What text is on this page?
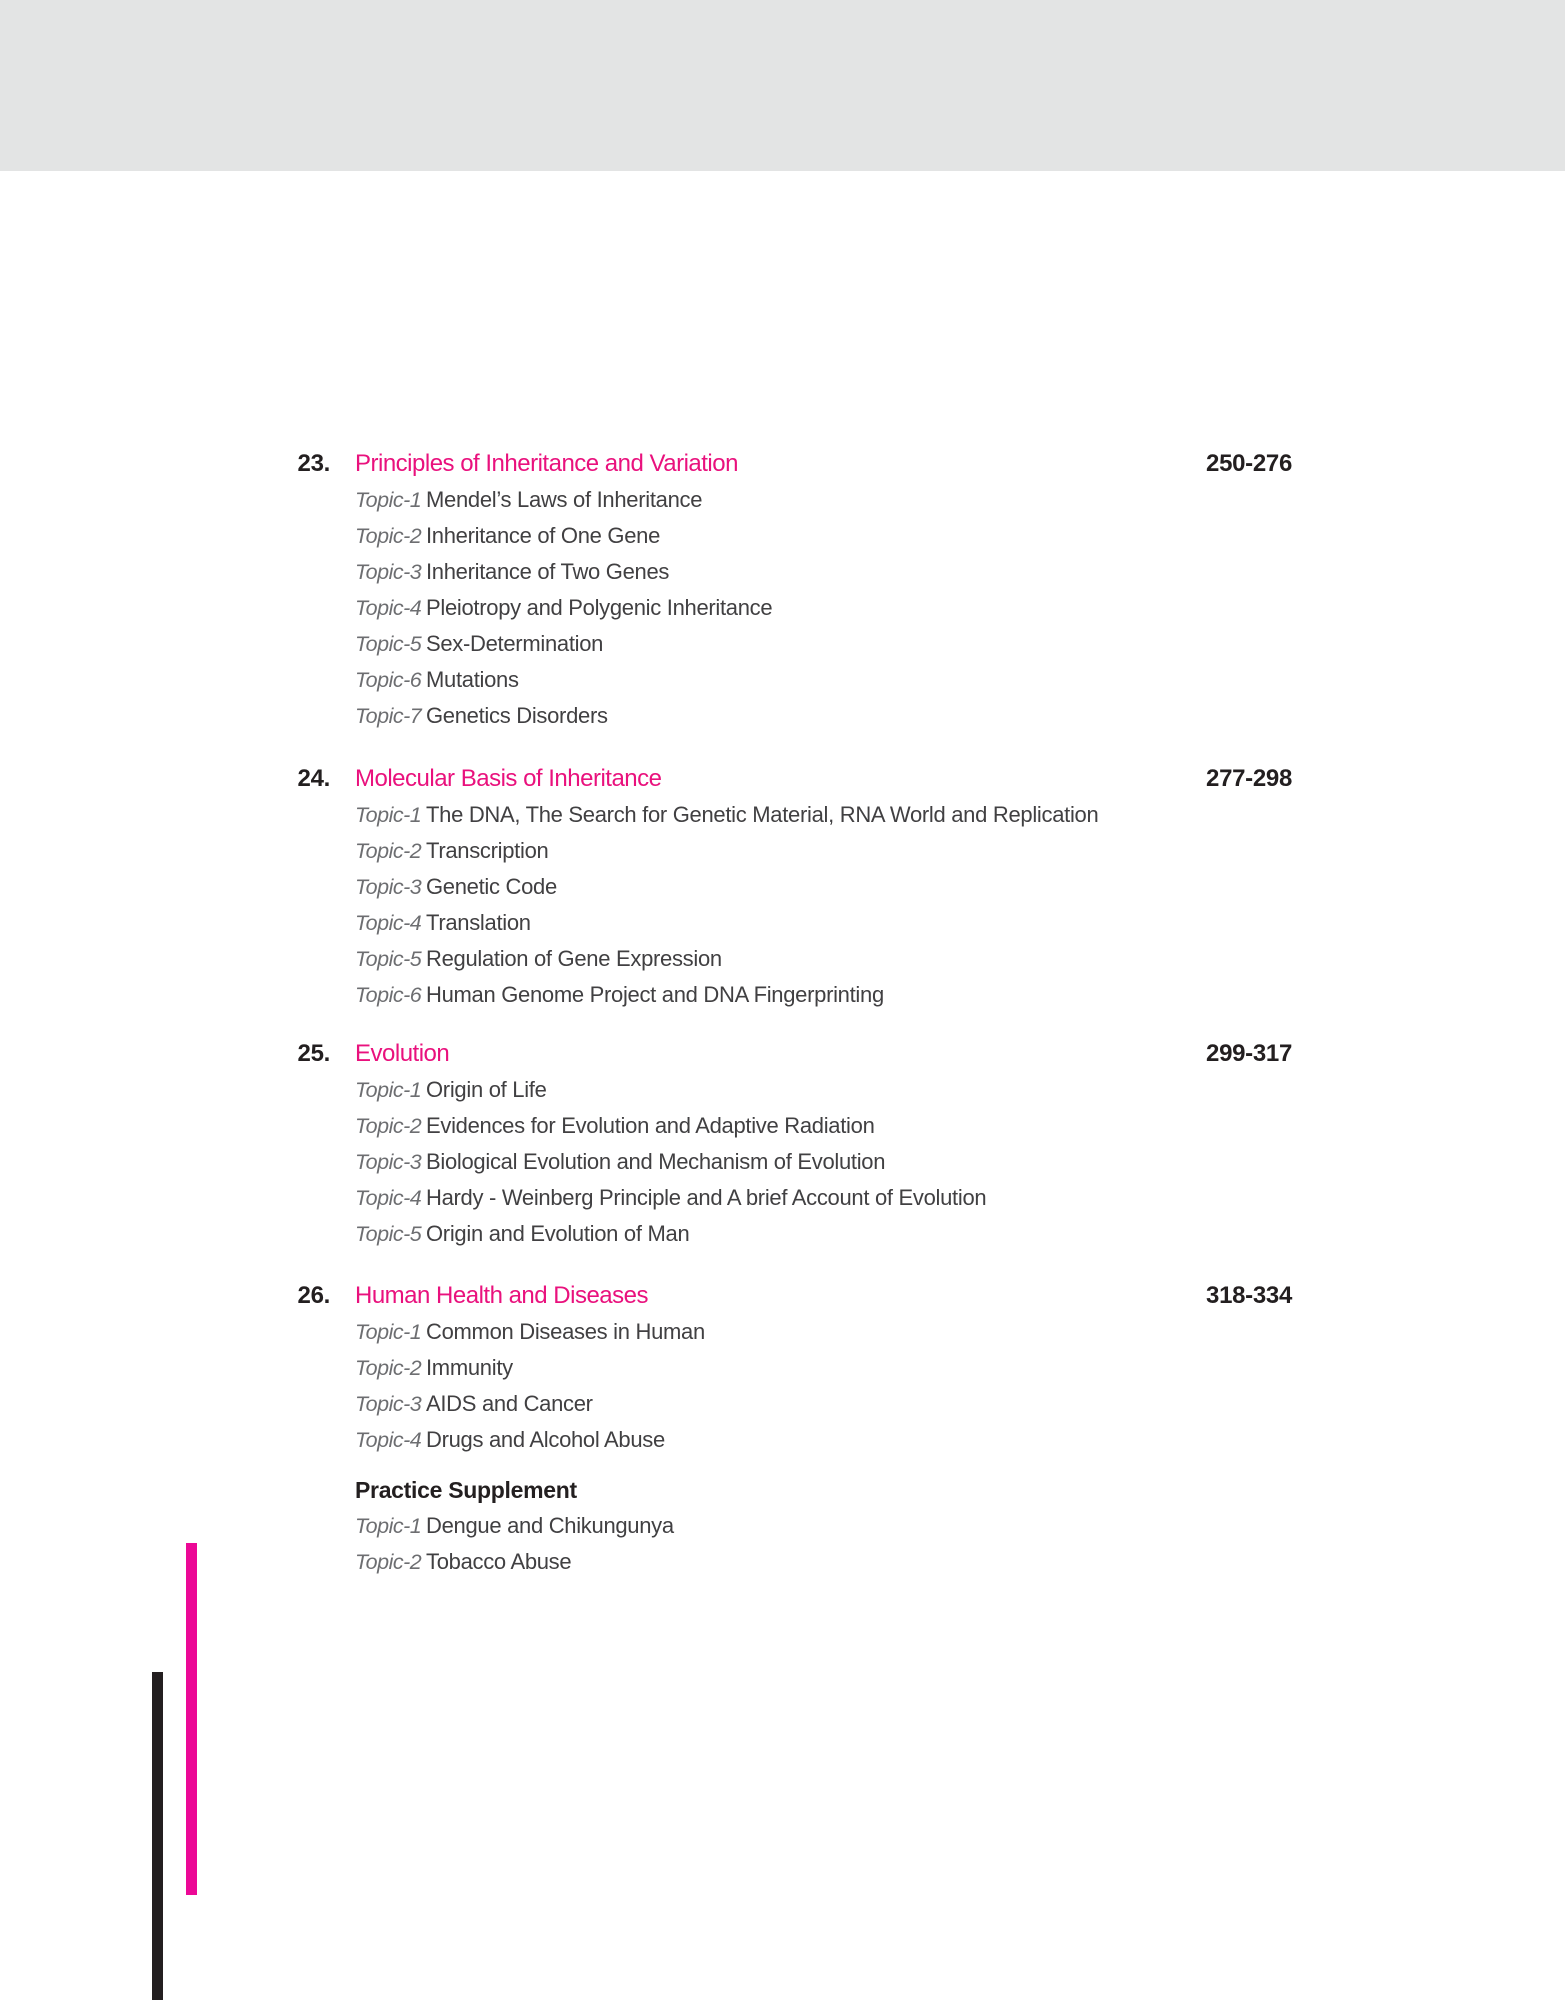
23. Principles of Inheritance and Variation	250-276
Topic-1 Mendel’s Laws of Inheritance
Topic-2 Inheritance of One Gene
Topic-3 Inheritance of Two Genes
Topic-4 Pleiotropy and Polygenic Inheritance
Topic-5 Sex-Determination
Topic-6 Mutations
Topic-7 Genetics Disorders
24. Molecular Basis of Inheritance	277-298
Topic-1 The DNA, The Search for Genetic Material, RNA World and Replication
Topic-2 Transcription
Topic-3 Genetic Code
Topic-4 Translation
Topic-5 Regulation of Gene Expression
Topic-6 Human Genome Project and DNA Fingerprinting
25. Evolution	299-317
Topic-1 Origin of Life
Topic-2 Evidences for Evolution and Adaptive Radiation
Topic-3 Biological Evolution and Mechanism of Evolution
Topic-4 Hardy - Weinberg Principle and A brief Account of Evolution
Topic-5 Origin and Evolution of Man
26. Human Health and Diseases	318-334
Topic-1 Common Diseases in Human
Topic-2 Immunity
Topic-3 AIDS and Cancer
Topic-4 Drugs and Alcohol Abuse
Practice Supplement
Topic-1 Dengue and Chikungunya
Topic-2 Tobacco Abuse
